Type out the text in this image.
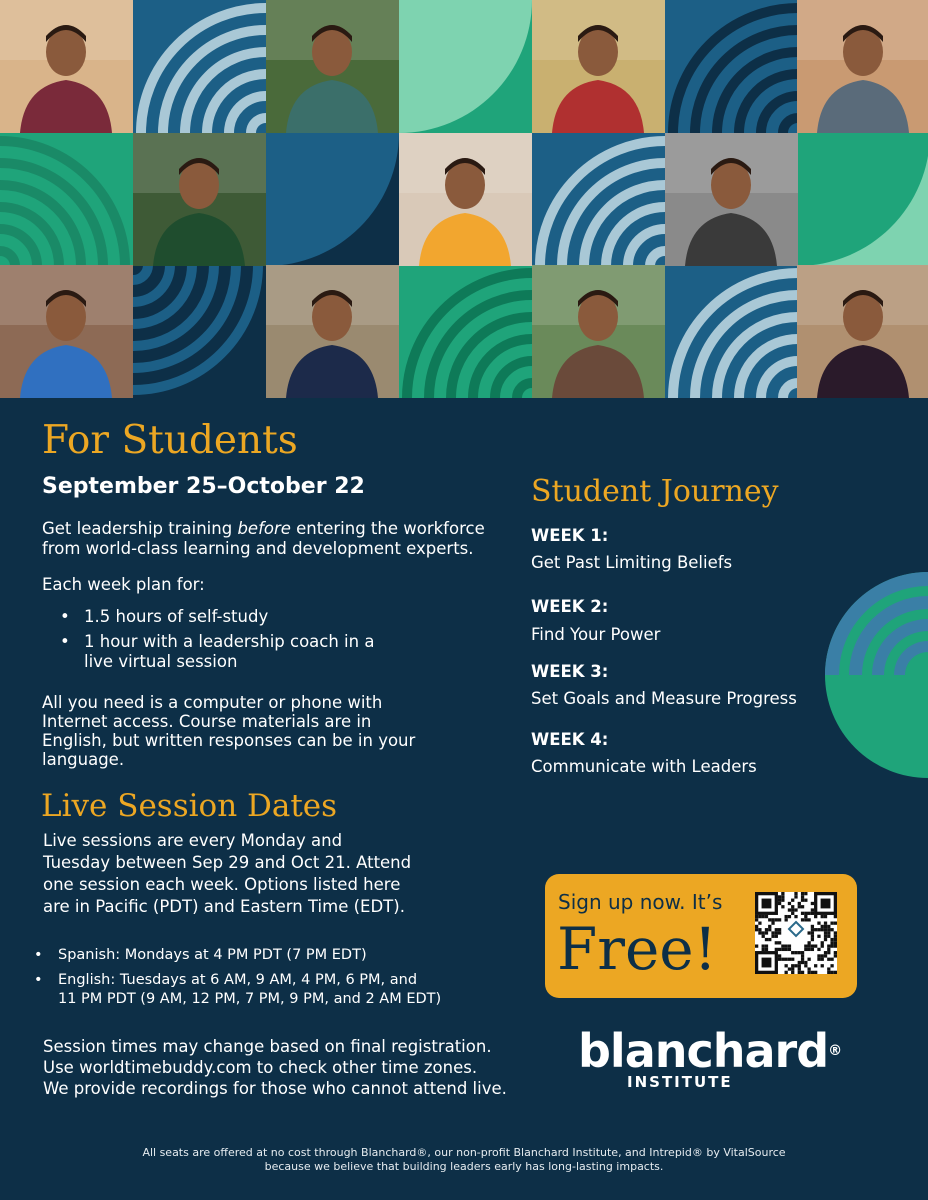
For Students
September 25–October 22
Get leadership training before entering the workforce
from world-class learning and development experts.
Each week plan for:
• 1.5 hours of self-study
• 1 hour with a leadership coach in a
live virtual session
All you need is a computer or phone with
Internet access. Course materials are in
English, but written responses can be in your
language.
Live Session Dates
Live sessions are every Monday and
Tuesday between Sep 29 and Oct 21. Attend
one session each week. Options listed here
are in Pacific (PDT) and Eastern Time (EDT).
• Spanish: Mondays at 4 PM PDT (7 PM EDT)
• English: Tuesdays at 6 AM, 9 AM, 4 PM, 6 PM, and
11 PM PDT (9 AM, 12 PM, 7 PM, 9 PM, and 2 AM EDT)
Session times may change based on final registration.
Use worldtimebuddy.com to check other time zones.
We provide recordings for those who cannot attend live.
Student Journey
WEEK 1:
Get Past Limiting Beliefs
WEEK 2:
Find Your Power
WEEK 3:
Set Goals and Measure Progress
WEEK 4:
Communicate with Leaders
Sign up now. It’s
Free!
blanchard®
INSTITUTE
All seats are offered at no cost through Blanchard®, our non-profit Blanchard Institute, and Intrepid® by VitalSource
because we believe that building leaders early has long-lasting impacts.
